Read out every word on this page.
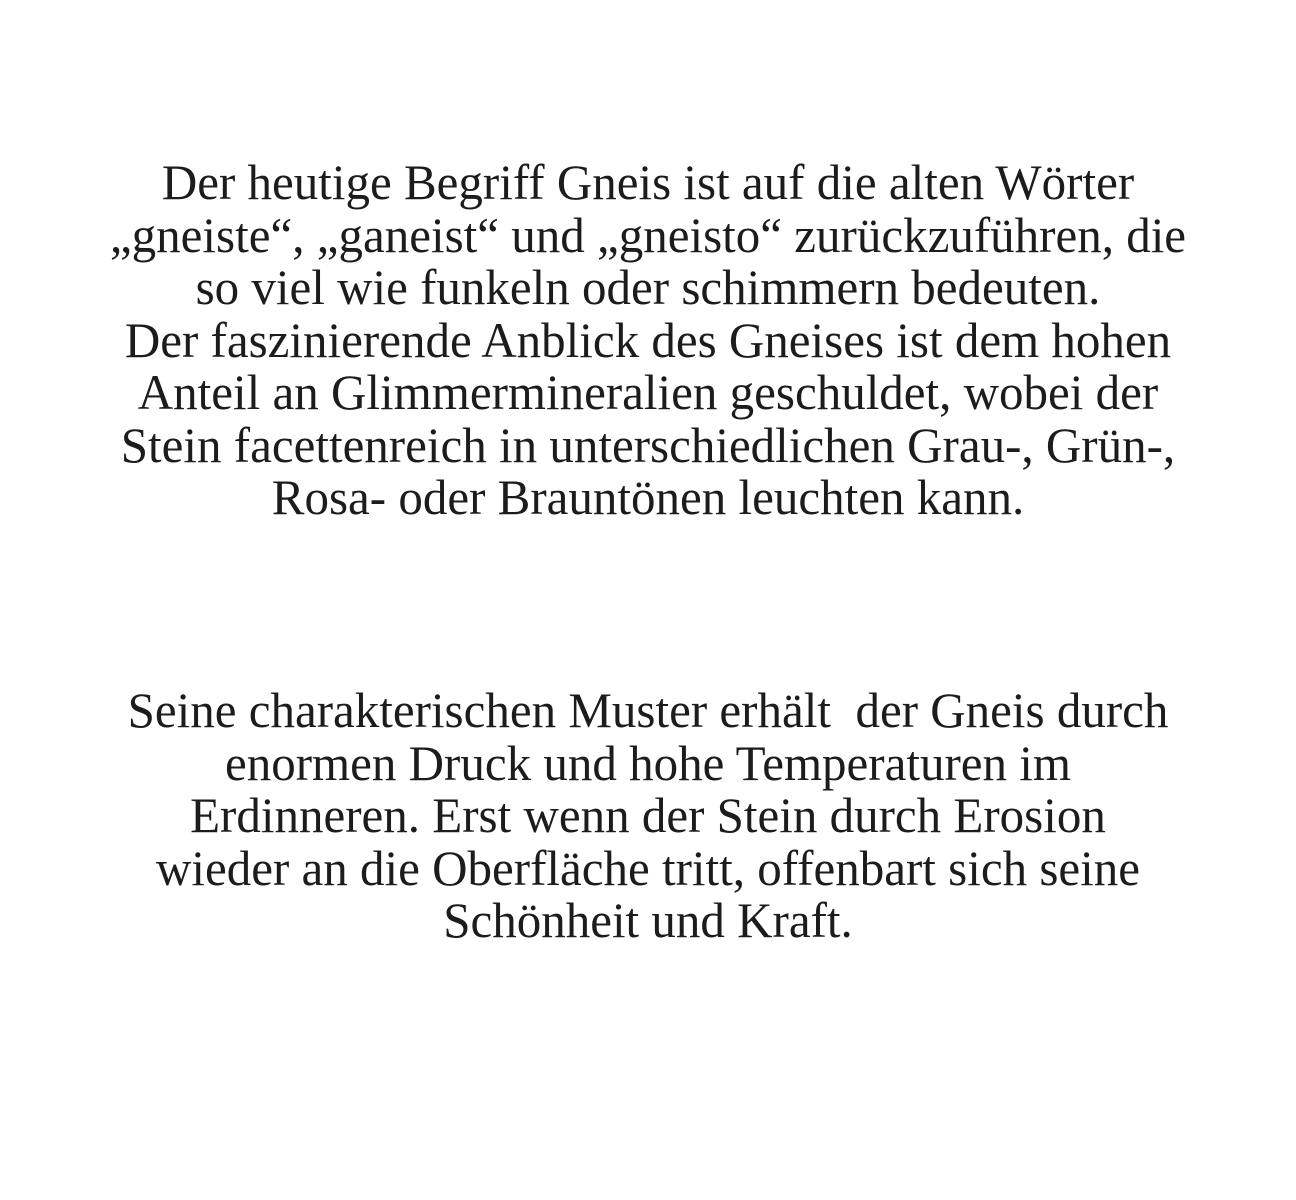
Der heutige Begriff Gneis ist auf die alten Wörter
„gneiste“, „ganeist“ und „gneisto“ zurückzuführen, die
so viel wie funkeln oder schimmern bedeuten.
Der faszinierende Anblick des Gneises ist dem hohen
Anteil an Glimmermineralien geschuldet, wobei der
Stein facettenreich in unterschiedlichen Grau-, Grün-,
Rosa- oder Brauntönen leuchten kann.
Seine charakterischen Muster erhält  der Gneis durch
enormen Druck und hohe Temperaturen im
Erdinneren. Erst wenn der Stein durch Erosion
wieder an die Oberfläche tritt, offenbart sich seine
Schönheit und Kraft.
